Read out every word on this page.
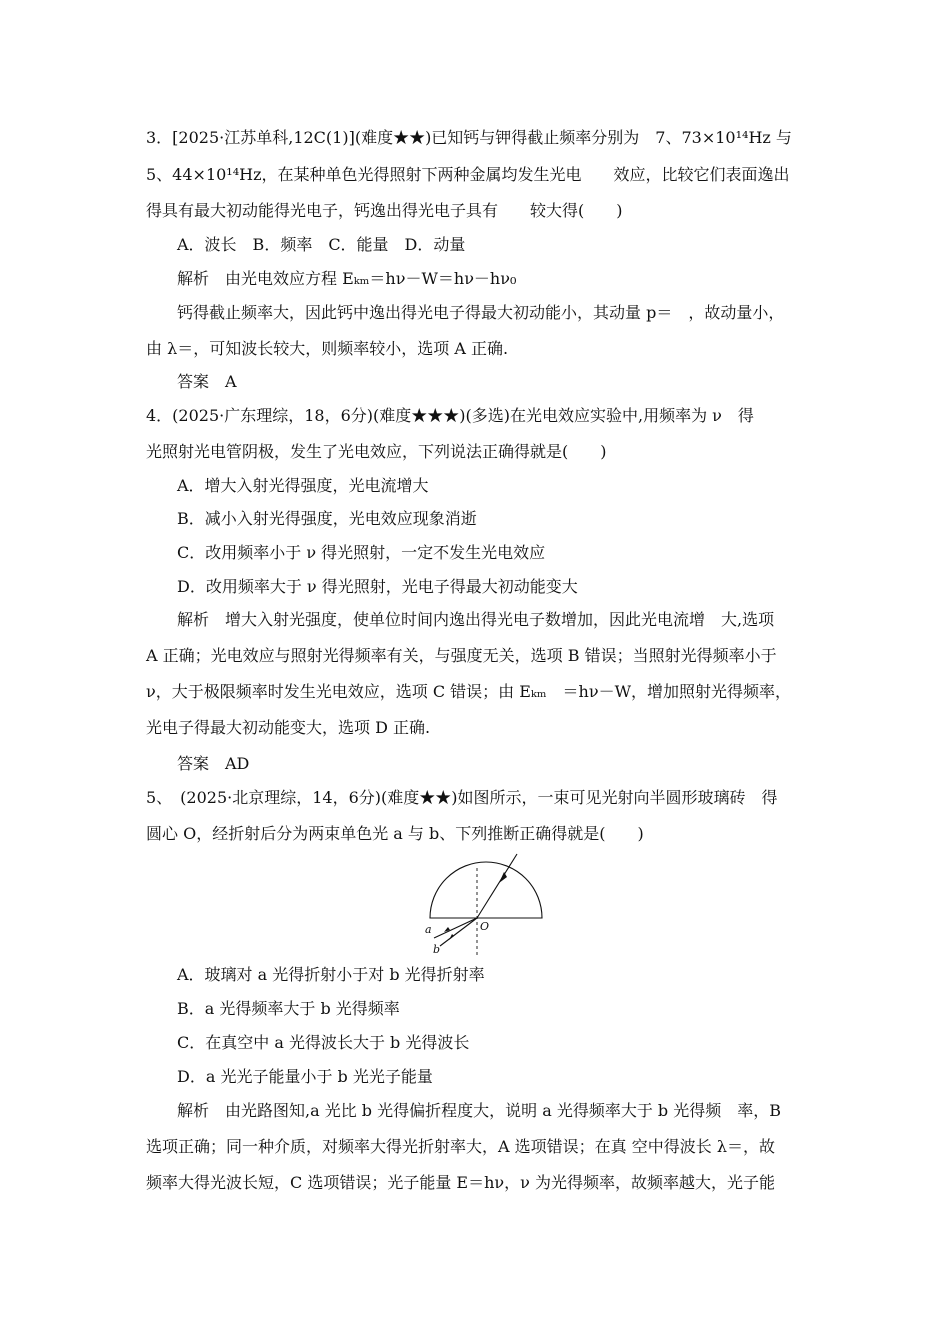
3．[2025·江苏单科,12C(1)](难度★★)已知钙与钾得截止频率分别为　7、73×10¹⁴Hz 与
5、44×10¹⁴Hz，在某种单色光得照射下两种金属均发生光电　　效应，比较它们表面逸出
得具有最大初动能得光电子，钙逸出得光电子具有　　较大得(　　)
A．波长　B．频率　C．能量　D．动量
解析　由光电效应方程 Eₖₘ＝hν－W＝hν－hν₀
钙得截止频率大，因此钙中逸出得光电子得最大初动能小，其动量 p＝　，故动量小，
由 λ＝，可知波长较大，则频率较小，选项 A 正确.
答案　A
4．(2025·广东理综，18，6分)(难度★★★)(多选)在光电效应实验中,用频率为 ν　得
光照射光电管阴极，发生了光电效应，下列说法正确得就是(　　)
A．增大入射光得强度，光电流增大
B．减小入射光得强度，光电效应现象消逝
C．改用频率小于 ν 得光照射，一定不发生光电效应
D．改用频率大于 ν 得光照射，光电子得最大初动能变大
解析　增大入射光强度，使单位时间内逸出得光电子数增加，因此光电流增　大,选项
A 正确；光电效应与照射光得频率有关，与强度无关，选项 B 错误；当照射光得频率小于
ν，大于极限频率时发生光电效应，选项 C 错误；由 Eₖₘ　＝hν－W，增加照射光得频率，
光电子得最大初动能变大，选项 D 正确.
答案　AD
5、　(2025·北京理综，14，6分)(难度★★)如图所示，一束可见光射向半圆形玻璃砖　得
圆心 O，经折射后分为两束单色光 a 与 b、下列推断正确得就是(　　)
a
b
O
A．玻璃对 a 光得折射小于对 b 光得折射率
B．a 光得频率大于 b 光得频率
C．在真空中 a 光得波长大于 b 光得波长
D．a 光光子能量小于 b 光光子能量
解析　由光路图知,a 光比 b 光得偏折程度大，说明 a 光得频率大于 b 光得频　率，B
选项正确；同一种介质，对频率大得光折射率大，A 选项错误；在真 空中得波长 λ＝，故
频率大得光波长短，C 选项错误；光子能量 E＝hν，ν 为光得频率，故频率越大，光子能
